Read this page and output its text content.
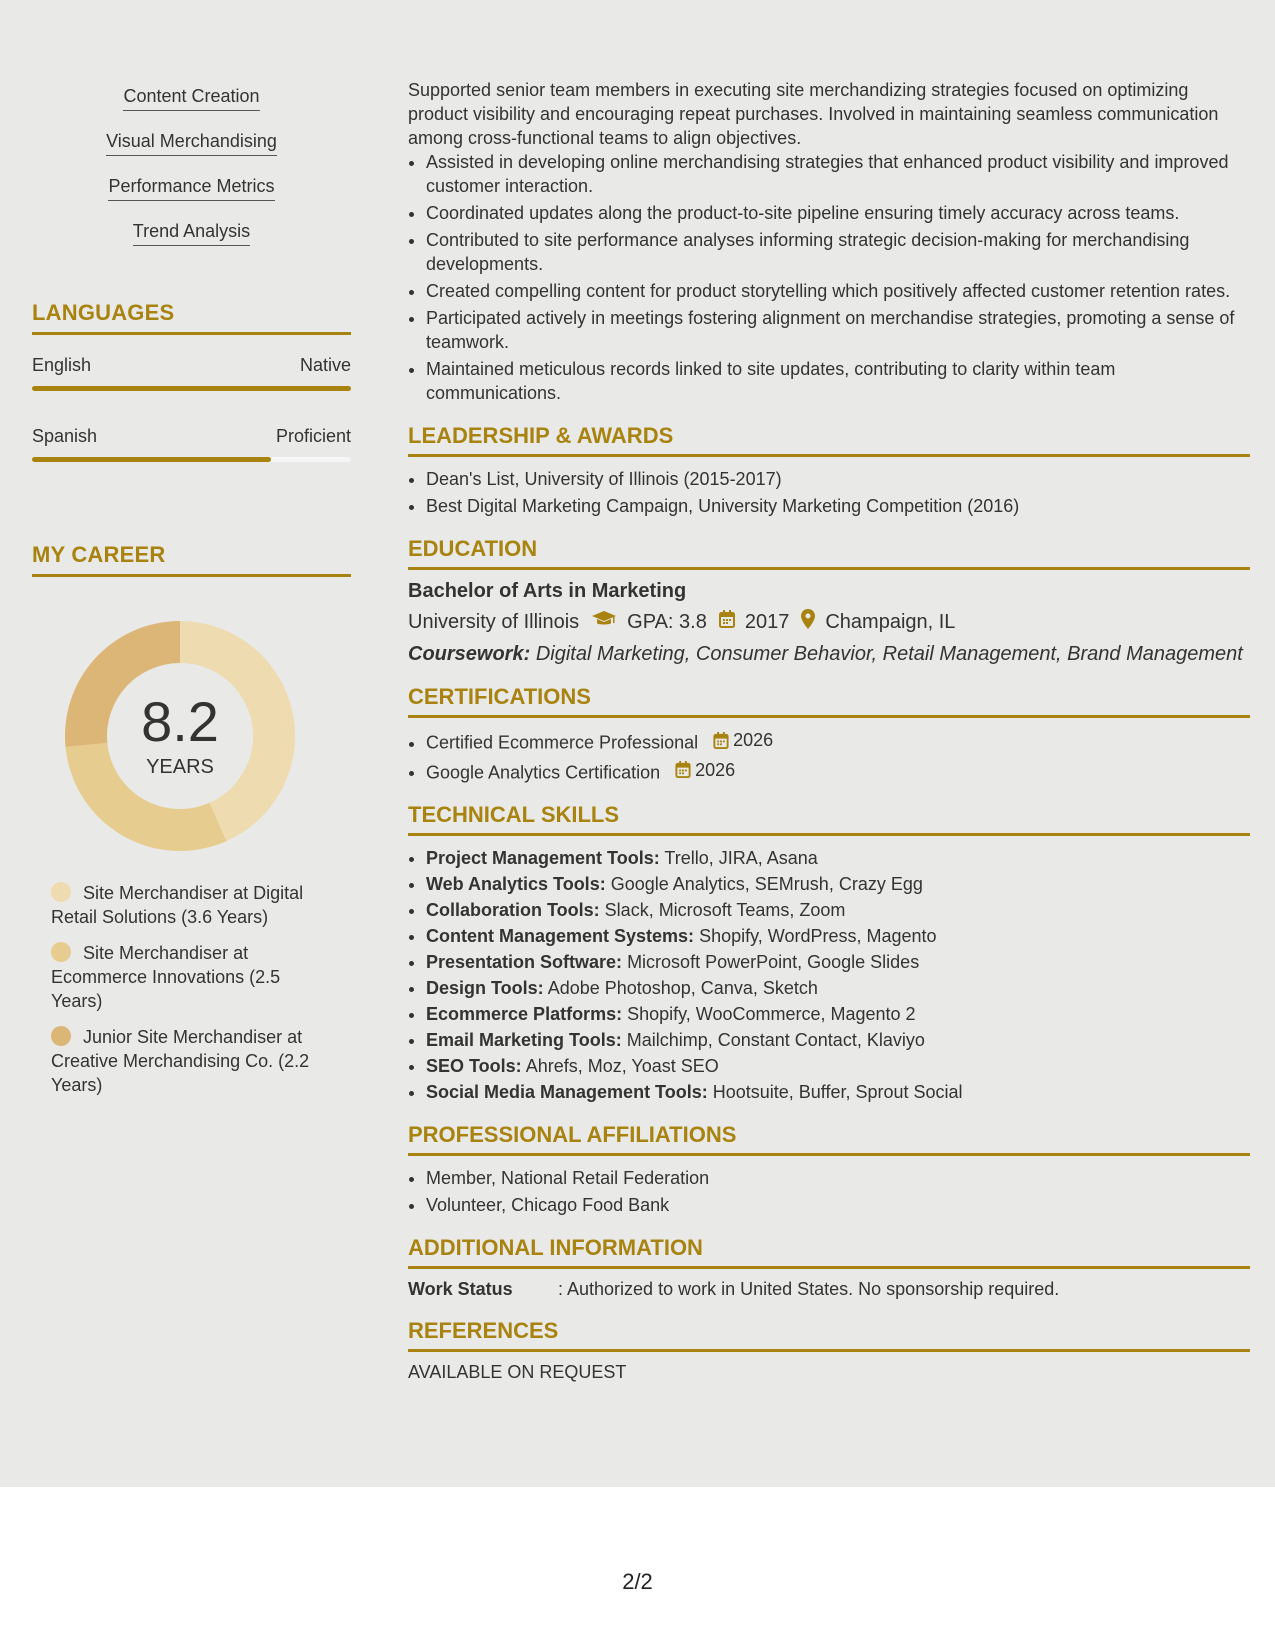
Content Creation
Visual Merchandising
Performance Metrics
Trend Analysis
LANGUAGES
English	Native
Spanish	Proficient
MY CAREER
8.2
YEARS
Site Merchandiser at Digital Retail Solutions (3.6 Years)
Site Merchandiser at Ecommerce Innovations (2.5 Years)
Junior Site Merchandiser at Creative Merchandising Co. (2.2 Years)

Supported senior team members in executing site merchandizing strategies focused on optimizing product visibility and encouraging repeat purchases. Involved in maintaining seamless communication among cross-functional teams to align objectives.

• Assisted in developing online merchandising strategies that enhanced product visibility and improved customer interaction.
• Coordinated updates along the product-to-site pipeline ensuring timely accuracy across teams.
• Contributed to site performance analyses informing strategic decision-making for merchandising developments.
• Created compelling content for product storytelling which positively affected customer retention rates.
• Participated actively in meetings fostering alignment on merchandise strategies, promoting a sense of teamwork.
• Maintained meticulous records linked to site updates, contributing to clarity within team communications.
LEADERSHIP & AWARDS
• Dean's List, University of Illinois (2015-2017)
• Best Digital Marketing Campaign, University Marketing Competition (2016)
EDUCATION
Bachelor of Arts in Marketing
University of Illinois GPA: 3.8 2017 Champaign, IL
Coursework: Digital Marketing, Consumer Behavior, Retail Management, Brand Management
CERTIFICATIONS
• Certified Ecommerce Professional 2026
• Google Analytics Certification 2026
TECHNICAL SKILLS
• Project Management Tools: Trello, JIRA, Asana
• Web Analytics Tools: Google Analytics, SEMrush, Crazy Egg
• Collaboration Tools: Slack, Microsoft Teams, Zoom
• Content Management Systems: Shopify, WordPress, Magento
• Presentation Software: Microsoft PowerPoint, Google Slides
• Design Tools: Adobe Photoshop, Canva, Sketch
• Ecommerce Platforms: Shopify, WooCommerce, Magento 2
• Email Marketing Tools: Mailchimp, Constant Contact, Klaviyo
• SEO Tools: Ahrefs, Moz, Yoast SEO
• Social Media Management Tools: Hootsuite, Buffer, Sprout Social
PROFESSIONAL AFFILIATIONS
• Member, National Retail Federation
• Volunteer, Chicago Food Bank
ADDITIONAL INFORMATION
Work Status	: Authorized to work in United States. No sponsorship required.
REFERENCES
AVAILABLE ON REQUEST
2/2
